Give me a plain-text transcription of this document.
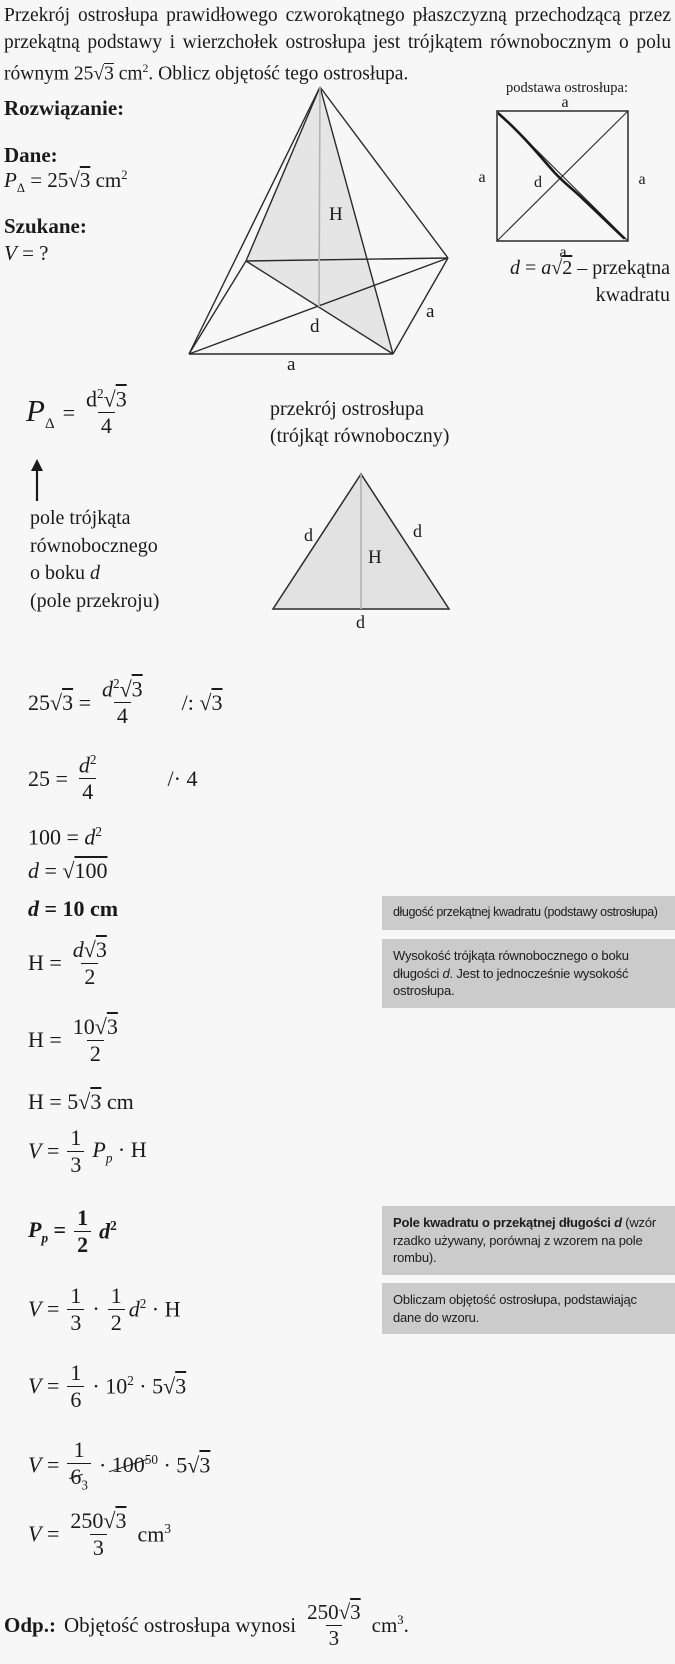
Przekrój ostrosłupa prawidłowego czworokątnego płaszczyzną przechodzącą przez przekątną podstawy i wierzchołek ostrosłupa jest trójkątem równobocznym o polu równym 25√3 $cm^2$. Oblicz objętość tego ostrosłupa.
Rozwiązanie:
Dane:
$P_\Delta = 25√3$ $cm^2$
Szukane:
V = ?
H
d
a
a
podstawa ostrosłupa:
a
a	a
a
d
d = a√2 – przekątna
kwadratu
$P_\Delta = \frac{d^2√3}{4}$
pole trójkąta
równobocznego
o boku d
(pole przekroju)
przekrój ostrosłupa
(trójkąt równoboczny)
d	d
H
d
$25√3 = \frac{d^2√3}{4}$ /: √3
$25 = \frac{d^2}{4}$	/· 4
$100 = d^2$
d = √100
d = 10 cm
$H = \frac{d√3}{2}$
$H = \frac{10√3}{2}$
H = 5√3 cm
$V = \frac{1}{3} P_p \cdot H$
$P_p = \frac{1}{2} d^2$
$V = \frac{1}{3} \cdot \frac{1}{2} d^2 \cdot H$
$V = \frac{1}{6} \cdot 10^2 \cdot 5√3$
$V = \frac{1}{6_3} \cdot 100^{50} \cdot 5√3$
$V = \frac{250√3}{3} cm^3$
długość przekątnej kwadratu (podstawy ostrosłupa)
Wysokość trójkąta równobocznego o boku długości d. Jest to jednocześnie wysokość ostrosłupa.
Pole kwadratu o przekątnej długości d (wzór rzadko używany, porównaj z wzorem na pole rombu).
Obliczam objętość ostrosłupa, podstawiając dane do wzoru.
Odp.: Objętość ostrosłupa wynosi $\frac{250√3}{3} cm^3$.
